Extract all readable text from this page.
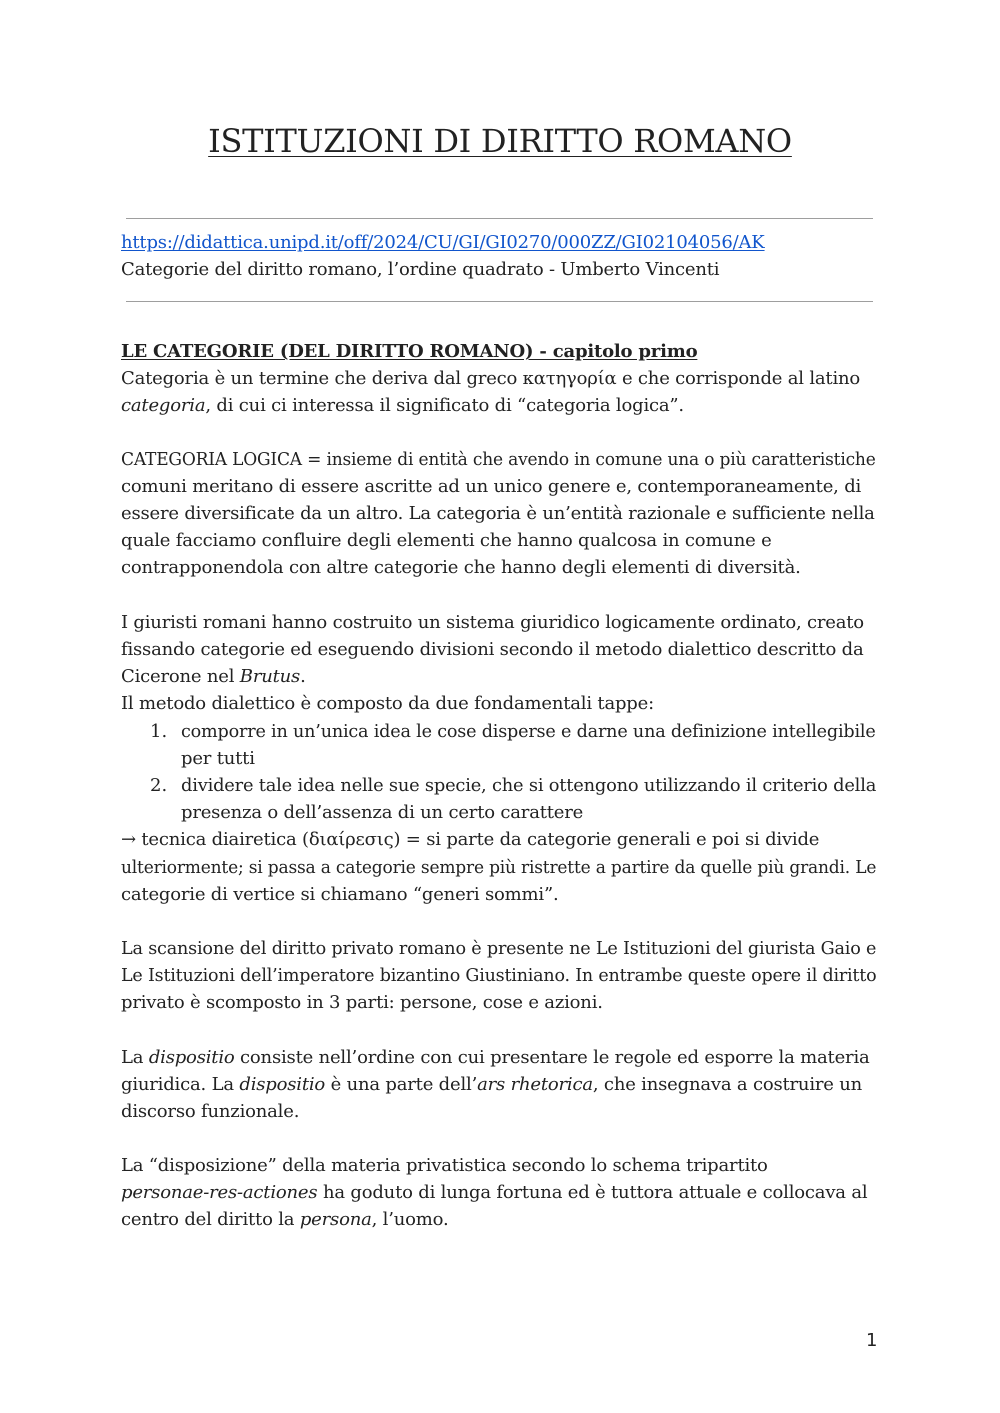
ISTITUZIONI DI DIRITTO ROMANO
https://didattica.unipd.it/off/2024/CU/GI/GI0270/000ZZ/GI02104056/AK
Categorie del diritto romano, l’ordine quadrato - Umberto Vincenti
LE CATEGORIE (DEL DIRITTO ROMANO) - capitolo primo
Categoria è un termine che deriva dal greco κατηγορία e che corrisponde al latino
categoria, di cui ci interessa il significato di “categoria logica”.
CATEGORIA LOGICA = insieme di entità che avendo in comune una o più caratteristiche
comuni meritano di essere ascritte ad un unico genere e, contemporaneamente, di
essere diversificate da un altro. La categoria è un’entità razionale e sufficiente nella
quale facciamo confluire degli elementi che hanno qualcosa in comune e
contrapponendola con altre categorie che hanno degli elementi di diversità.
I giuristi romani hanno costruito un sistema giuridico logicamente ordinato, creato
fissando categorie ed eseguendo divisioni secondo il metodo dialettico descritto da
Cicerone nel Brutus.
Il metodo dialettico è composto da due fondamentali tappe:
1. comporre in un’unica idea le cose disperse e darne una definizione intellegibile
per tutti
2. dividere tale idea nelle sue specie, che si ottengono utilizzando il criterio della
presenza o dell’assenza di un certo carattere
→ tecnica diairetica (διαίρεσις) = si parte da categorie generali e poi si divide
ulteriormente; si passa a categorie sempre più ristrette a partire da quelle più grandi. Le
categorie di vertice si chiamano “generi sommi”.
La scansione del diritto privato romano è presente ne Le Istituzioni del giurista Gaio e
Le Istituzioni dell’imperatore bizantino Giustiniano. In entrambe queste opere il diritto
privato è scomposto in 3 parti: persone, cose e azioni.
La dispositio consiste nell’ordine con cui presentare le regole ed esporre la materia
giuridica. La dispositio è una parte dell’ars rhetorica, che insegnava a costruire un
discorso funzionale.
La “disposizione” della materia privatistica secondo lo schema tripartito
personae-res-actiones ha goduto di lunga fortuna ed è tuttora attuale e collocava al
centro del diritto la persona, l’uomo.
1
